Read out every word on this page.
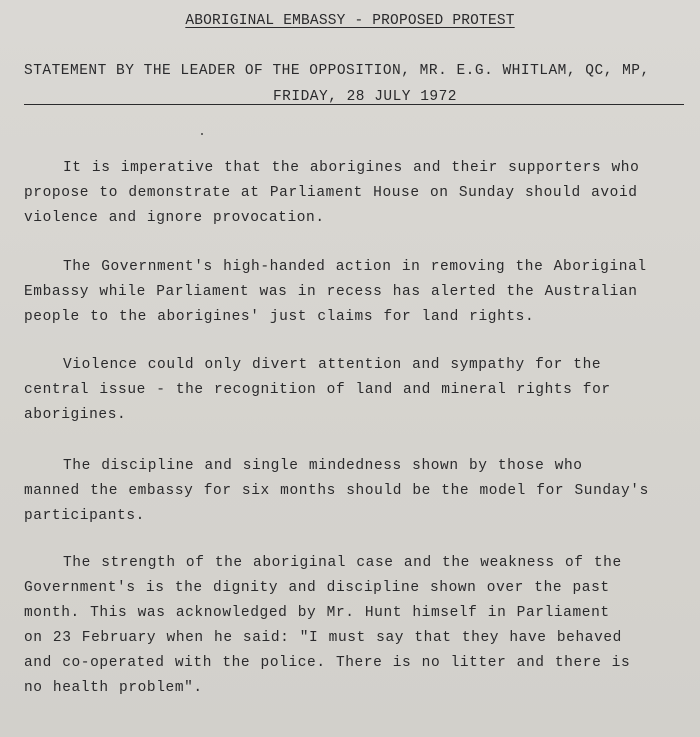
ABORIGINAL EMBASSY - PROPOSED PROTEST
STATEMENT BY THE LEADER OF THE OPPOSITION, MR. E.G. WHITLAM, QC, MP,
FRIDAY, 28 JULY 1972
It is imperative that the aborigines and their supporters who
propose to demonstrate at Parliament House on Sunday should avoid
violence and ignore provocation.
The Government's high-handed action in removing the Aboriginal
Embassy while Parliament was in recess has alerted the Australian
people to the aborigines' just claims for land rights.
Violence could only divert attention and sympathy for the
central issue - the recognition of land and mineral rights for
aborigines.
The discipline and single mindedness shown by those who
manned the embassy for six months should be the model for Sunday's
participants.
The strength of the aboriginal case and the weakness of the
Government's is the dignity and discipline shown over the past
month. This was acknowledged by Mr. Hunt himself in Parliament
on 23 February when he said: "I must say that they have behaved
and co-operated with the police. There is no litter and there is
no health problem".
